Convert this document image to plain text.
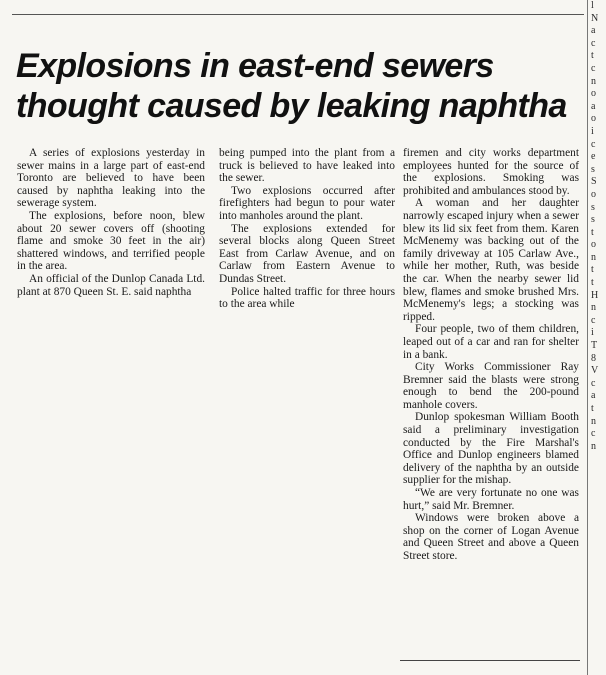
Explosions in east-end sewers
thought caused by leaking naphtha

A series of explosions yesterday in sewer mains in a large part of east-end Toronto are believed to have been caused by naphtha leaking into the sewerage system.

The explosions, before noon, blew about 20 sewer covers off (shooting flame and smoke 30 feet in the air) shattered windows, and terrified people in the area.

An official of the Dunlop Canada Ltd. plant at 870 Queen St. E. said naphtha

being pumped into the plant from a truck is believed to have leaked into the sewer.

Two explosions occurred after firefighters had begun to pour water into manholes around the plant.

The explosions extended for several blocks along Queen Street East from Carlaw Avenue, and on Carlaw from Eastern Avenue to Dundas Street.

Police halted traffic for three hours to the area while

firemen and city works department employees hunted for the source of the explosions. Smoking was prohibited and ambulances stood by.

A woman and her daughter narrowly escaped injury when a sewer blew its lid six feet from them. Karen McMenemy was backing out of the family driveway at 105 Carlaw Ave., while her mother, Ruth, was beside the car. When the nearby sewer lid blew, flames and smoke brushed Mrs. McMenemy's legs; a stocking was ripped.

Four people, two of them children, leaped out of a car and ran for shelter in a bank.

City Works Commissioner Ray Bremner said the blasts were strong enough to bend the 200-pound manhole covers.

Dunlop spokesman William Booth said a preliminary investigation conducted by the Fire Marshal's Office and Dunlop engineers blamed delivery of the naphtha by an outside supplier for the mishap.

“We are very fortunate no one was hurt,” said Mr. Bremner.

Windows were broken above a shop on the corner of Logan Avenue and Queen Street and above a Queen Street store.

l
N
a
c
t
c
n
o
a
o
i
c
e
s
S
o
s
s
t
o
n
t
t
H
n
c
i
T
8
V
c
a
t
n
c
n
